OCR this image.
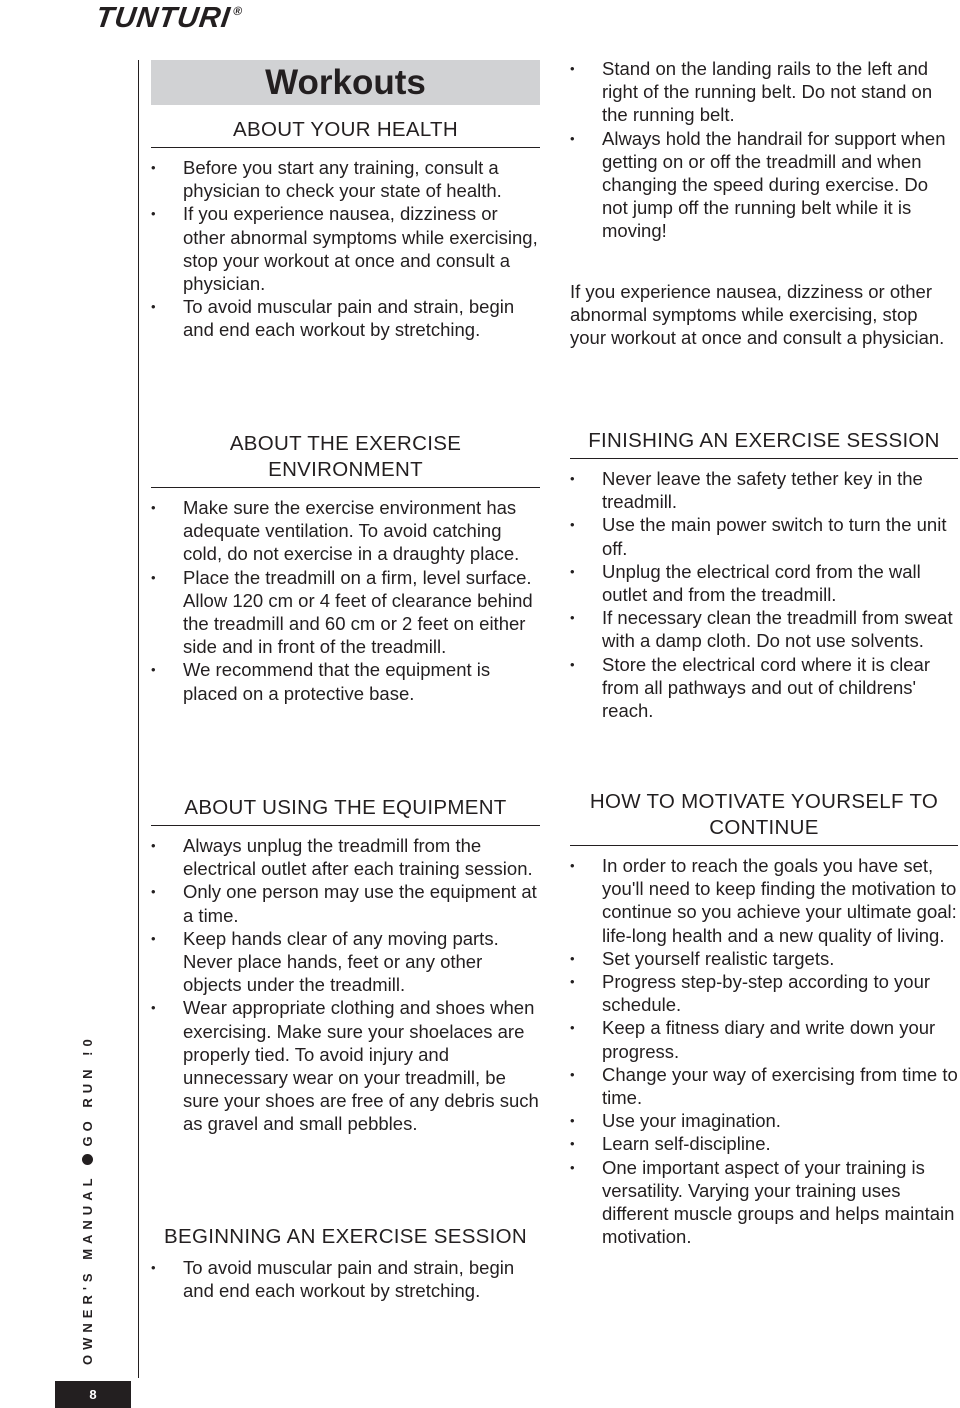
TUNTURI®
OWNER'S MANUALGO RUN !0
8
Workouts
ABOUT YOUR HEALTH
• Before you start any training, consult a physician to check your state of health.
• If you experience nausea, dizziness or other abnormal symptoms while exercising, stop your workout at once and consult a physician.
• To avoid muscular pain and strain, begin and end each workout by stretching.
• Stand on the landing rails to the left and right of the running belt. Do not stand on the running belt.
• Always hold the handrail for support when getting on or off the treadmill and when changing the speed during exercise. Do not jump off the running belt while it is moving!

If you experience nausea, dizziness or other abnormal symptoms while exercising, stop your workout at once and consult a physician.

ABOUT THE EXERCISE ENVIRONMENT
• Make sure the exercise environment has adequate ventilation. To avoid catching cold, do not exercise in a draughty place.
• Place the treadmill on a firm, level surface. Allow 120 cm or 4 feet of clearance behind the treadmill and 60 cm or 2 feet on either side and in front of the treadmill.
• We recommend that the equipment is placed on a protective base.
FINISHING AN EXERCISE SESSION
• Never leave the safety tether key in the treadmill.
• Use the main power switch to turn the unit off.
• Unplug the electrical cord from the wall outlet and from the treadmill.
• If necessary clean the treadmill from sweat with a damp cloth. Do not use solvents.
• Store the electrical cord where it is clear from all pathways and out of childrens' reach.
ABOUT USING THE EQUIPMENT
• Always unplug the treadmill from the electrical outlet after each training session.
• Only one person may use the equipment at a time.
• Keep hands clear of any moving parts. Never place hands, feet or any other objects under the treadmill.
• Wear appropriate clothing and shoes when exercising. Make sure your shoelaces are properly tied. To avoid injury and unnecessary wear on your treadmill, be sure your shoes are free of any debris such as gravel and small pebbles.
BEGINNING AN EXERCISE SESSION
• To avoid muscular pain and strain, begin and end each workout by stretching.
HOW TO MOTIVATE YOURSELF TO CONTINUE
• In order to reach the goals you have set, you'll need to keep finding the motivation to continue so you achieve your ultimate goal: life-long health and a new quality of living.
• Set yourself realistic targets.
• Progress step-by-step according to your schedule.
• Keep a fitness diary and write down your progress.
• Change your way of exercising from time to time.
• Use your imagination.
• Learn self-discipline.
• One important aspect of your training is versatility. Varying your training uses different muscle groups and helps maintain motivation.
